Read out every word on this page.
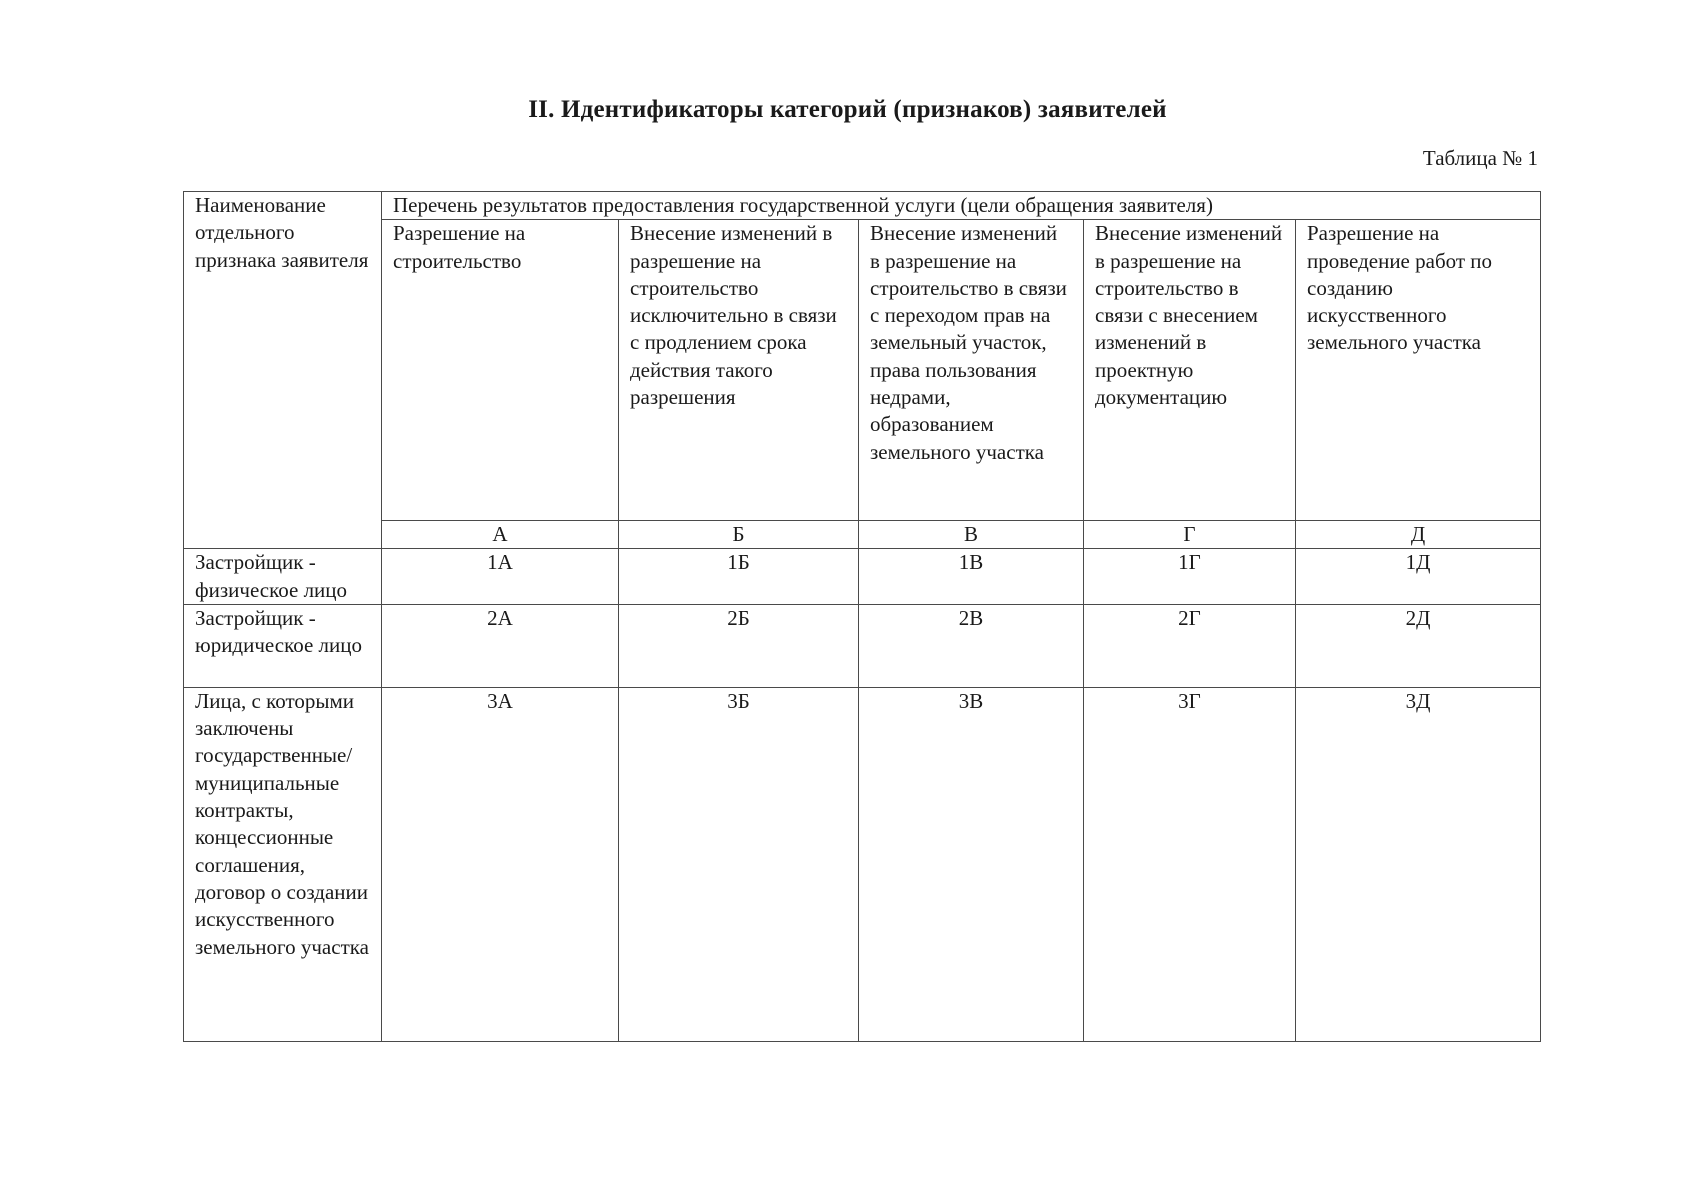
II. Идентификаторы категорий (признаков) заявителей
Таблица № 1
Наименование отдельного признака заявителя	Перечень результатов предоставления государственной услуги (цели обращения заявителя)				
	Разрешение на строительство	Внесение изменений в разрешение на строительство исключительно в связи с продлением срока действия такого разрешения	Внесение изменений в разрешение на строительство в связи с переходом прав на земельный участок, права пользования недрами, образованием земельного участка	Внесение изменений в разрешение на строительство в связи с внесением изменений в проектную документацию	Разрешение на проведение работ по созданию искусственного земельного участка
	А	Б	В	Г	Д
Застройщик - физическое лицо	1А	1Б	1В	1Г	1Д
Застройщик - юридическое лицо	2А	2Б	2В	2Г	2Д
Лица, с которыми заключены государственные/ муниципальные контракты, концессионные соглашения, договор о создании искусственного земельного участка	3А	3Б	3В	3Г	3Д
